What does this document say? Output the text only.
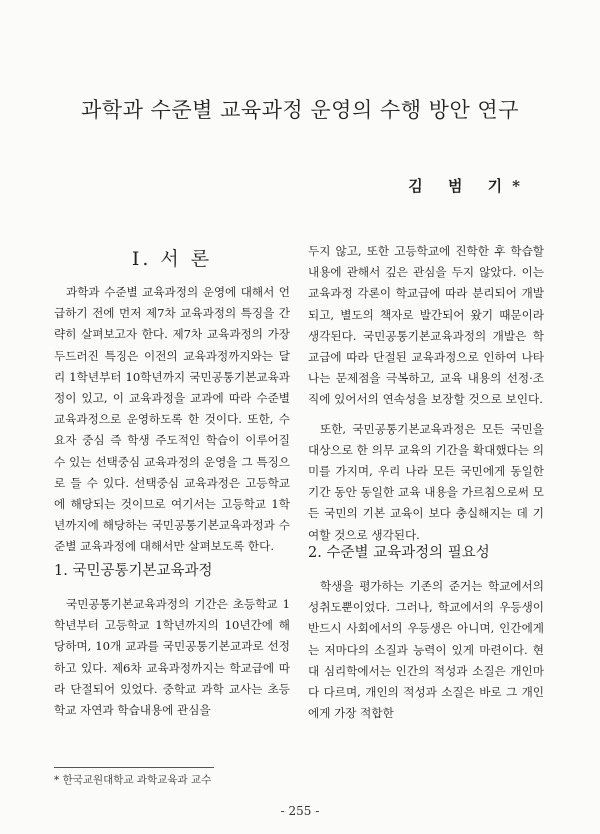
과학과 수준별 교육과정 운영의 수행 방안 연구
김 범 기*
Ⅰ. 서 론

과학과 수준별 교육과정의 운영에 대해서 언급하기 전에 먼저 제7차 교육과정의 특징을 간략히 살펴보고자 한다. 제7차 교육과정의 가장 두드러진 특징은 이전의 교육과정까지와는 달리 1학년부터 10학년까지 국민공통기본교육과정이 있고, 이 교육과정을 교과에 따라 수준별 교육과정으로 운영하도록 한 것이다. 또한, 수요자 중심 즉 학생 주도적인 학습이 이루어질 수 있는 선택중심 교육과정의 운영을 그 특징으로 들 수 있다. 선택중심 교육과정은 고등학교에 해당되는 것이므로 여기서는 고등학교 1학년까지에 해당하는 국민공통기본교육과정과 수준별 교육과정에 대해서만 살펴보도록 한다.

1. 국민공통기본교육과정

국민공통기본교육과정의 기간은 초등학교 1학년부터 고등학교 1학년까지의 10년간에 해당하며, 10개 교과를 국민공통기본교과로 선정하고 있다. 제6차 교육과정까지는 학교급에 따라 단절되어 있었다. 중학교 과학 교사는 초등학교 자연과 학습내용에 관심을

두지 않고, 또한 고등학교에 진학한 후 학습할 내용에 관해서 깊은 관심을 두지 않았다. 이는 교육과정 각론이 학교급에 따라 분리되어 개발되고, 별도의 책자로 발간되어 왔기 때문이라 생각된다. 국민공통기본교육과정의 개발은 학교급에 따라 단절된 교육과정으로 인하여 나타나는 문제점을 극복하고, 교육 내용의 선정·조직에 있어서의 연속성을 보장할 것으로 보인다.

또한, 국민공통기본교육과정은 모든 국민을 대상으로 한 의무 교육의 기간을 확대했다는 의미를 가지며, 우리 나라 모든 국민에게 동일한 기간 동안 동일한 교육 내용을 가르침으로써 모든 국민의 기본 교육이 보다 충실해지는 데 기여할 것으로 생각된다.

2. 수준별 교육과정의 필요성

학생을 평가하는 기존의 준거는 학교에서의 성취도뿐이었다. 그러나, 학교에서의 우등생이 반드시 사회에서의 우등생은 아니며, 인간에게는 저마다의 소질과 능력이 있게 마련이다. 현대 심리학에서는 인간의 적성과 소질은 개인마다 다르며, 개인의 적성과 소질은 바로 그 개인에게 가장 적합한

* 한국교원대학교 과학교육과 교수
- 255 -
